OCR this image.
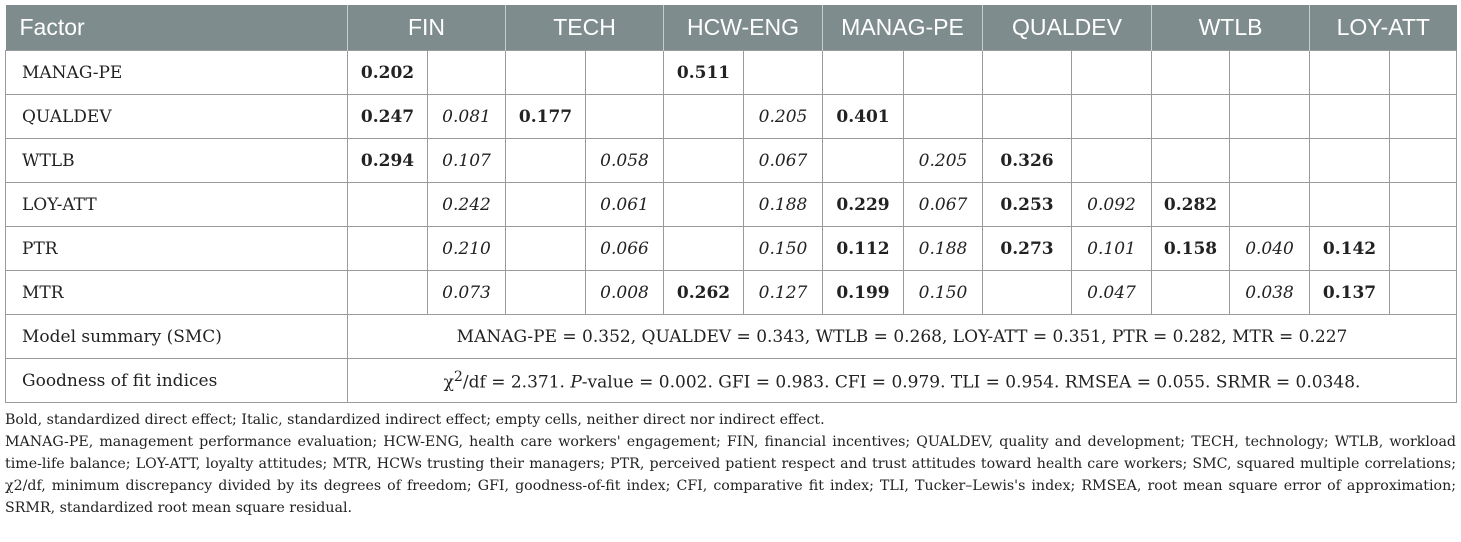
Factor	FIN		TECH		HCW-ENG		MANAG-PE		QUALDEV		WTLB		LOY-ATT	
MANAG-PE	0.202				0.511									
QUALDEV	0.247	0.081	0.177			0.205	0.401							
WTLB	0.294	0.107		0.058		0.067		0.205	0.326					
LOY-ATT		0.242		0.061		0.188	0.229	0.067	0.253	0.092	0.282			
PTR		0.210		0.066		0.150	0.112	0.188	0.273	0.101	0.158	0.040	0.142	
MTR		0.073		0.008	0.262	0.127	0.199	0.150		0.047		0.038	0.137	
Model summary (SMC)	MANAG-PE = 0.352, QUALDEV = 0.343, WTLB = 0.268, LOY-ATT = 0.351, PTR = 0.282, MTR = 0.227													
Goodness of fit indices	$\chi^2/df = 2.371$. P-value = 0.002. GFI = 0.983. CFI = 0.979. TLI = 0.954. RMSEA = 0.055. SRMR = 0.0348.													

Bold, standardized direct effect; Italic, standardized indirect effect; empty cells, neither direct nor indirect effect.

MANAG-PE, management performance evaluation; HCW-ENG, health care workers' engagement; FIN, financial incentives; QUALDEV, quality and development; TECH, technology; WTLB, workload time-life balance; LOY-ATT, loyalty attitudes; MTR, HCWs trusting their managers; PTR, perceived patient respect and trust attitudes toward health care workers; SMC, squared multiple correlations; χ2/df, minimum discrepancy divided by its degrees of freedom; GFI, goodness-of-fit index; CFI, comparative fit index; TLI, Tucker–Lewis's index; RMSEA, root mean square error of approximation; SRMR, standardized root mean square residual.
